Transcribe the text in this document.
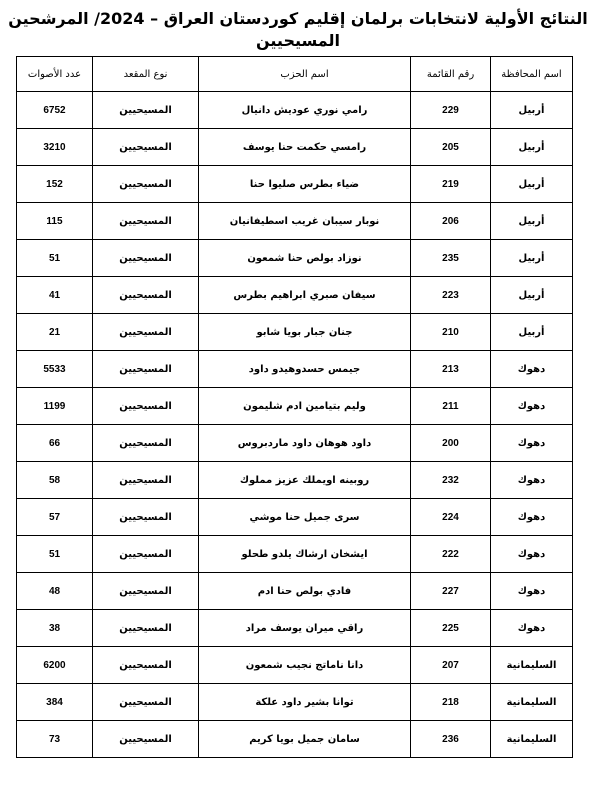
النتائج الأولية لانتخابات برلمان إقليم كوردستان العراق – 2024/ المرشحين المسيحيين
اسم المحافظة	رقم القائمة	اسم الحزب	نوع المقعد	عدد الأصوات
أربيل	229	رامي نوري عوديش دانيال	المسيحيين	6752
أربيل	205	رامسي حكمت حنا يوسف	المسيحيين	3210
أربيل	219	ضياء بطرس صليوا حنا	المسيحيين	152
أربيل	206	نوبار سيبان غريب اسطيفانيان	المسيحيين	115
أربيل	235	نوزاد بولص حنا شمعون	المسيحيين	51
أربيل	223	سيفان صبري ابراهيم بطرس	المسيحيين	41
أربيل	210	جنان جبار بويا شابو	المسيحيين	21
دهوك	213	جيمس حسدوهيدو داود	المسيحيين	5533
دهوك	211	وليم بتيامين ادم شليمون	المسيحيين	1199
دهوك	200	داود هوهان داود ماردبروس	المسيحيين	66
دهوك	232	روبينه اويملك عزيز مملوك	المسيحيين	58
دهوك	224	سرى جميل حنا موشي	المسيحيين	57
دهوك	222	ايشخان ارشاك يلدو طحلو	المسيحيين	51
دهوك	227	فادي بولص حنا ادم	المسيحيين	48
دهوك	225	راقي ميران يوسف مراد	المسيحيين	38
السليمانية	207	دانا ناماتج نجيب شمعون	المسيحيين	6200
السليمانية	218	توانا بشير داود علكة	المسيحيين	384
السليمانية	236	سامان جميل بويا كريم	المسيحيين	73
